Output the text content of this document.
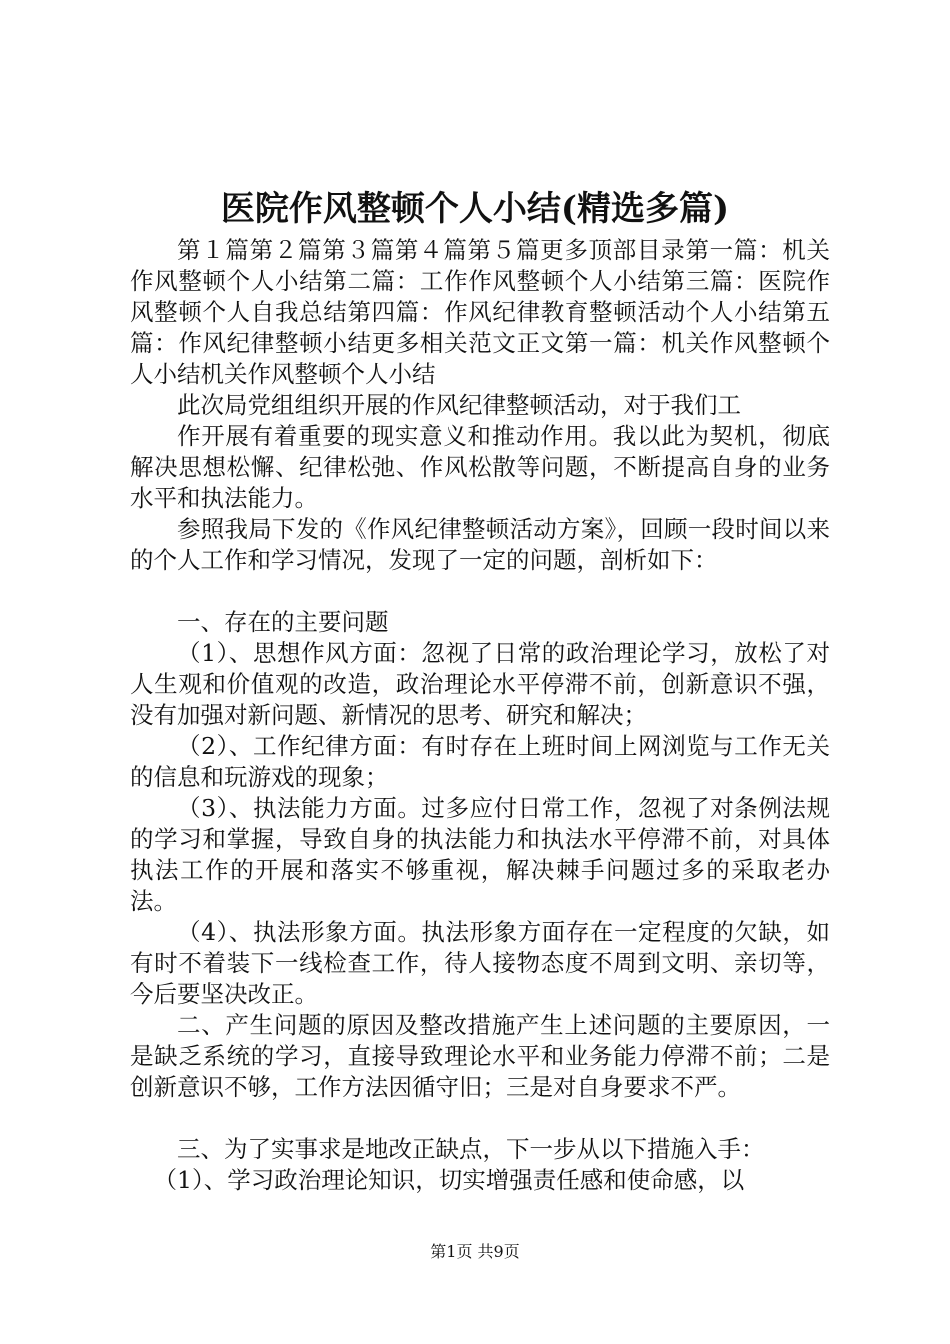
医院作风整顿个人小结(精选多篇)

第１篇第２篇第３篇第４篇第５篇更多顶部目录第一篇：机关作风整顿个人小结第二篇：工作作风整顿个人小结第三篇：医院作风整顿个人自我总结第四篇：作风纪律教育整顿活动个人小结第五篇：作风纪律整顿小结更多相关范文正文第一篇：机关作风整顿个人小结机关作风整顿个人小结

此次局党组组织开展的作风纪律整顿活动，对于我们工

作开展有着重要的现实意义和推动作用。我以此为契机，彻底解决思想松懈、纪律松弛、作风松散等问题，不断提高自身的业务水平和执法能力。

参照我局下发的《作风纪律整顿活动方案》，回顾一段时间以来的个人工作和学习情况，发现了一定的问题，剖析如下：

一、存在的主要问题

（1）、思想作风方面：忽视了日常的政治理论学习，放松了对人生观和价值观的改造，政治理论水平停滞不前，创新意识不强，没有加强对新问题、新情况的思考、研究和解决；

（2）、工作纪律方面：有时存在上班时间上网浏览与工作无关的信息和玩游戏的现象；

（3）、执法能力方面。过多应付日常工作，忽视了对条例法规的学习和掌握，导致自身的执法能力和执法水平停滞不前，对具体执法工作的开展和落实不够重视，解决棘手问题过多的采取老办法。

（4）、执法形象方面。执法形象方面存在一定程度的欠缺，如有时不着装下一线检查工作，待人接物态度不周到文明、亲切等，今后要坚决改正。

二、产生问题的原因及整改措施产生上述问题的主要原因，一是缺乏系统的学习，直接导致理论水平和业务能力停滞不前；二是创新意识不够，工作方法因循守旧；三是对自身要求不严。

三、为了实事求是地改正缺点，下一步从以下措施入手：

（1）、学习政治理论知识，切实增强责任感和使命感，以

第1页 共9页
